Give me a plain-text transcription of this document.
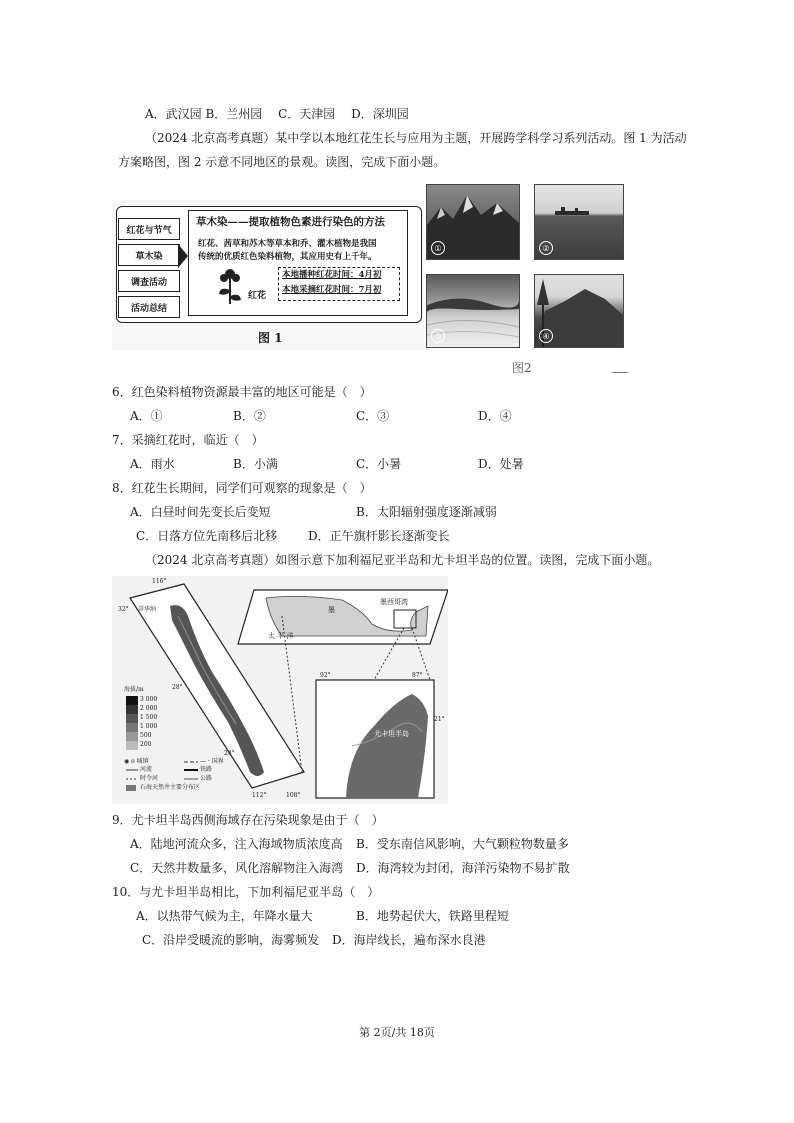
A．武汉园 B．兰州园 　C．天津园 　D．深圳园
（2024 北京高考真题）某中学以本地红花生长与应用为主题，开展跨学科学习系列活动。图 1 为活动
方案略图，图 2 示意不同地区的景观。读图，完成下面小题。
红花与节气
草木染
调查活动
活动总结
草木染——提取植物色素进行染色的方法
红花、茜草和苏木等草本和乔、灌木植物是我国
传统的优质红色染料植物，其应用史有上千年。
本地播种红花时间：4月初
本地采摘红花时间：7月初
红花
图 1
①	②
③	④
图2
6．红色染料植物资源最丰富的地区可能是（　）
A．①	B．②	C．③	D．④
7．采摘红花时，临近（　）
A．雨水	B．小满	C．小暑	D．处暑
8．红花生长期间，同学们可观察的现象是（　）
A．白昼时间先变长后变短	B．太阳辐射强度逐渐减弱
C．日落方位先南移后北移	D．正午旗杆影长逐渐变长
（2024 北京高考真题）如图示意下加利福尼亚半岛和尤卡坦半岛的位置。读图，完成下面小题。
116°
32° 蒂华纳
28°
24°
112°	108°
海拔/m
3 000
2 000
1 500
1 000
500
200
◉ o 城镇	— · 国界
河流	铁路
时令河	公路
石海天然井主要分布区
墨西哥湾
太 平 洋
墨
92°	87°
21°
尤卡坦半岛
9．尤卡坦半岛西侧海域存在污染现象是由于（　）
A．陆地河流众多，注入海域物质浓度高 B．受东南信风影响，大气颗粒物数量多
C．天然井数量多，风化溶解物注入海湾 D．海湾较为封闭，海洋污染物不易扩散
10．与尤卡坦半岛相比，下加利福尼亚半岛（　）
A．以热带气候为主，年降水量大	B．地势起伏大，铁路里程短
C．沿岸受暖流的影响，海雾频发 D．海岸线长，遍布深水良港
第 2页/共 18页
